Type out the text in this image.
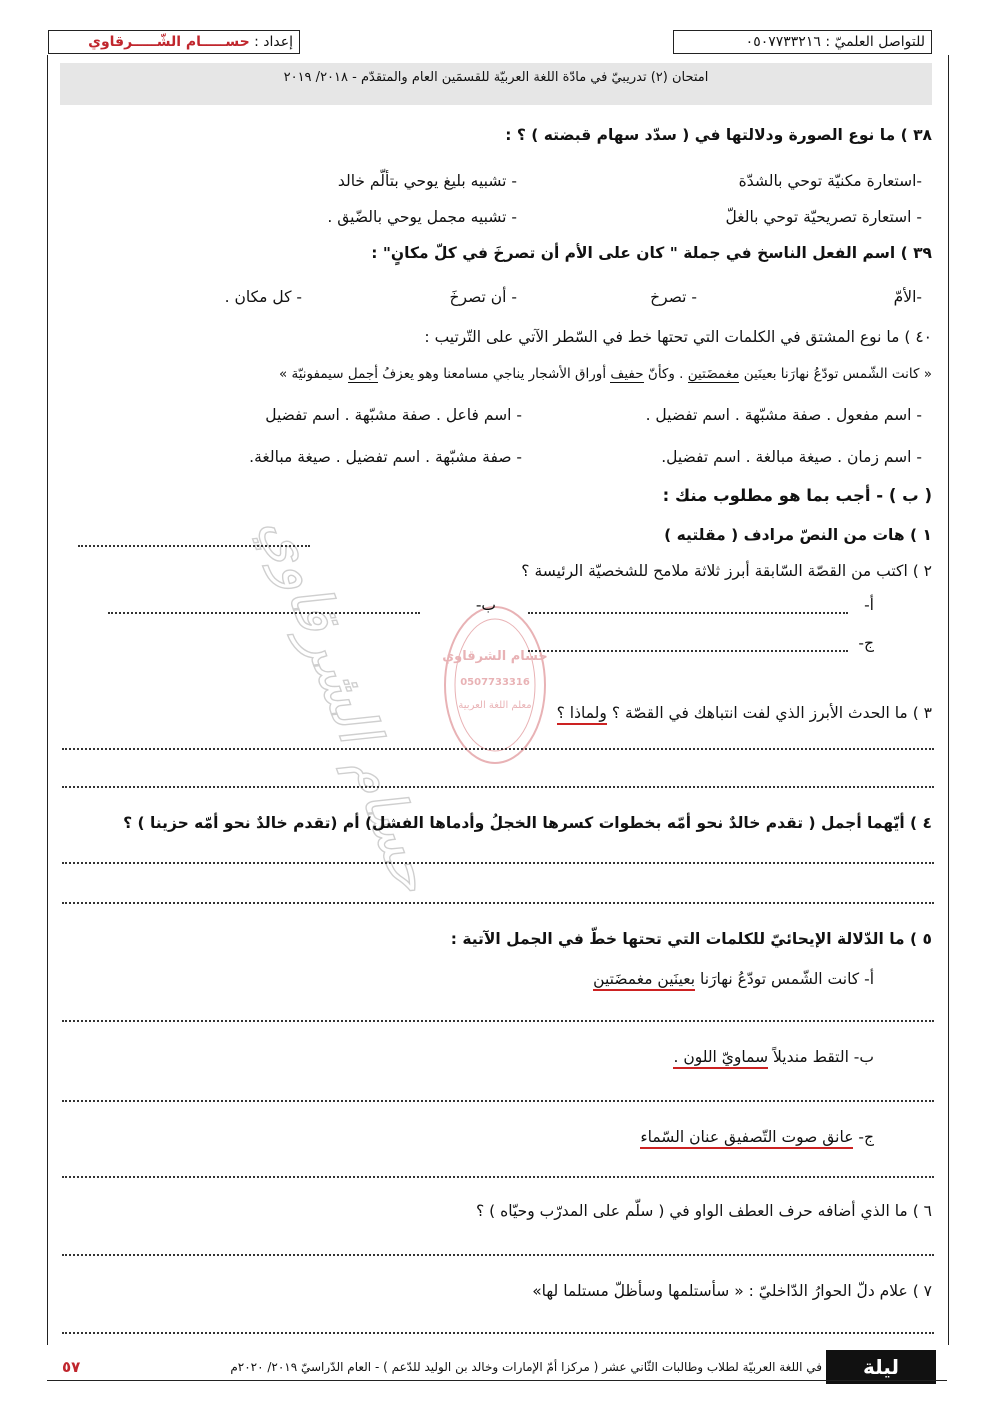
للتواصل العلميّ : ٠٥٠٧٧٣٣٢١٦
إعداد : حســـــام الشّـــــرقاوي
امتحان (٢) تدريبيّ في مادّة اللغة العربيّة للقسمَين العام والمتقدّم - ٢٠١٨/ ٢٠١٩
حسام الشرقاوي
حسام الشرقاوي
0507733316
معلم اللغة العربية
٣٨ ) ما نوع الصورة ودلالتها في ( سدّد سهام قبضته ) ؟ :
-استعارة مكنيّة توحي بالشدّة
- تشبيه بليغ يوحي بتألّم خالد
- استعارة تصريحيّة توحي بالغلّ
- تشبيه مجمل يوحي بالضّيق .
٣٩ ) اسم الفعل الناسخ في جملة " كان على الأم أن تصرخَ في كلّ مكانٍ" :
-الأمّ
- تصرخ
- أن تصرخَ
- كل مكان .
٤٠ ) ما نوع المشتق في الكلمات التي تحتها خط في السّطر الآتي على التّرتيب :
« كانت الشّمس تودّعُ نهارَنا بعينَين مغمضَتين . وكأنّ حفيف أوراق الأشجار يناجي مسامعنا وهو يعزفُ أجمل سيمفونيّة »
- اسم مفعول . صفة مشبّهة . اسم تفضيل .
- اسم فاعل . صفة مشبّهة . اسم تفضيل
- اسم زمان . صيغة مبالغة . اسم تفضيل.
- صفة مشبّهة . اسم تفضيل . صيغة مبالغة.
( ب ) - أجب بما هو مطلوب منك :
١ ) هات من النصّ مرادف ( مقلتيه )
٢ ) اكتب من القصّة السّابقة أبرز ثلاثة ملامح للشخصيّة الرئيسة ؟
أ-
ب-
ج-
٣ ) ما الحدث الأبرز الذي لفت انتباهك في القصّة ؟ ولماذا ؟
٤ ) أيّهما أجمل ( تقدم خالدٌ نحو أمّه بخطوات كسرها الخجلُ وأدماها الفشل) أم (تقدم خالدٌ نحو أمّه حزينا ) ؟
٥ ) ما الدّلالة الإيحائيّ للكلمات التي تحتها خطّ في الجمل الآتية :
أ- كانت الشّمس تودّعُ نهارَنا بعينَين مغمضَتين
ب- التقط منديلاً سماويّ اللون .
ج- عانق صوت التّصفيق عنان السّماء
٦ ) ما الذي أضافه حرف العطف الواو في ( سلّم على المدرّب وحيّاه ) ؟
٧ ) علام دلّ الحوارُ الدّاخليّ : « سأستلمها وسأظلّ مستلما لها»
ليلة الامتحان
في اللغة العربيّة لطلاب وطالبات الثّاني عشر ( مركزا أمّ الإمارات وخالد بن الوليد للدّعم ) - العام الدّراسيّ ٢٠١٩/ ٢٠٢٠م
٥٧
